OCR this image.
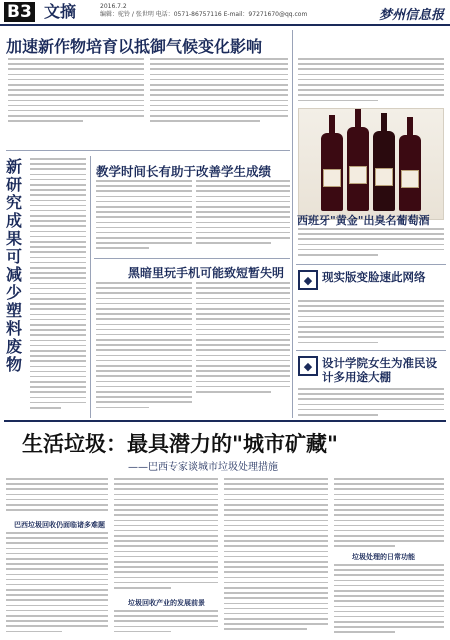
B3 文摘	2016.7.2
编辑：驼铃 / 张世明 电话：0571-86757116 E-mail：97271670@qq.com	梦州信息报
加速新作物培育以抵御气候变化影响
新研究成果可减少塑料废物
教学时间长有助于改善学生成绩
黑暗里玩手机可能致短暂失明
西班牙"黄金"出臭名葡萄酒
◆ 现实版变脸速此网络
◆ 设计学院女生为准民设计多用途大棚
生活垃圾：最具潜力的"城市矿藏"
——巴西专家谈城市垃圾处理措施
巴西垃圾回收仍面临诸多难题
垃圾回收产业的发展前景
垃圾处理的日常功能
